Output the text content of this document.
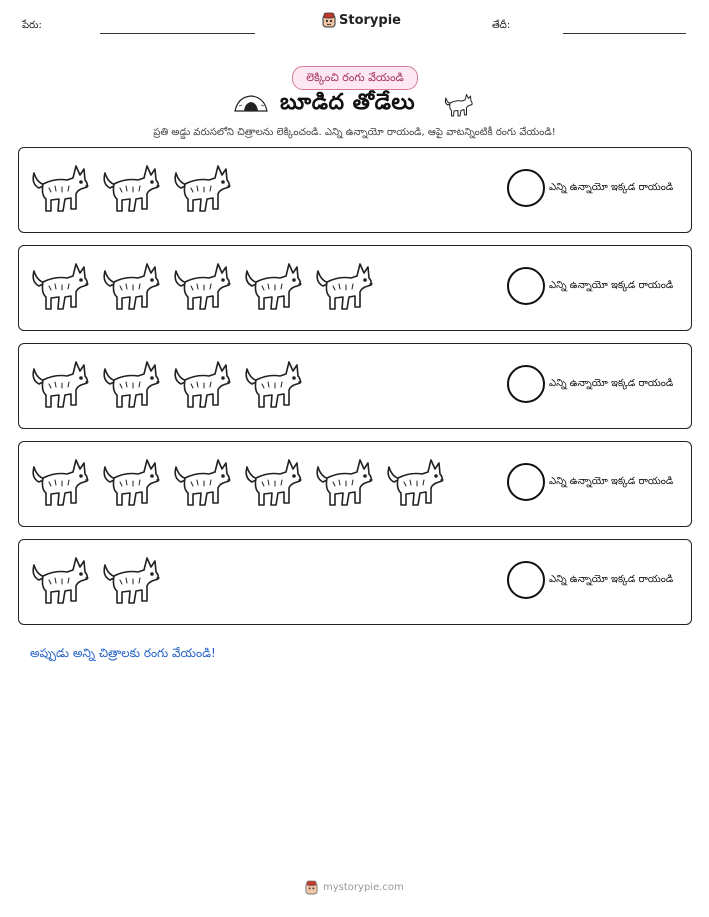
పేరు:	Storypie	తేదీ:
లెక్కించి రంగు వేయండి
బూడిద తోడేలు
ప్రతి అడ్డు వరుసలోని చిత్రాలను లెక్కించండి. ఎన్ని ఉన్నాయో రాయండి, ఆపై వాటన్నింటికీ రంగు వేయండి!
ఎన్ని ఉన్నాయో ఇక్కడ రాయండి
ఎన్ని ఉన్నాయో ఇక్కడ రాయండి
ఎన్ని ఉన్నాయో ఇక్కడ రాయండి
ఎన్ని ఉన్నాయో ఇక్కడ రాయండి
ఎన్ని ఉన్నాయో ఇక్కడ రాయండి
అప్పుడు అన్ని చిత్రాలకు రంగు వేయండి!
mystorypie.com
